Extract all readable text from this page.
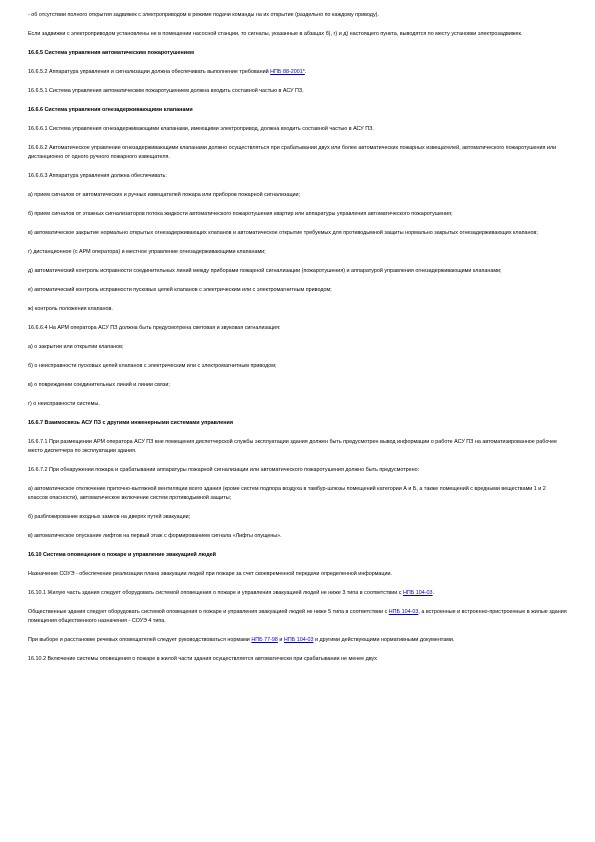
- об отсутствии полного открытия задвижек с электроприводом в режиме подачи команды на их открытие (раздельно по каждому приводу).

Если задвижки с электроприводом установлены не в помещении насосной станции, то сигналы, указанные в абзацах б), г) и д) настоящего пункта, выводятся по месту установки электрозадвижек.

16.6.5 Система управления автоматическим пожаротушением

16.6.5.2 Аппаратура управления и сигнализации должна обеспечивать выполнение требований НПБ 88-2001*.

16.6.5.1 Система управления автоматическим пожаротушением должна входить составной частью в АСУ ПЗ.

16.6.6 Система управления огнезадерживающими клапанами

16.6.6.1 Система управления огнезадерживающими клапанами, имеющими электропривод, должна входить составной частью в АСУ ПЗ.

16.6.6.2 Автоматическое управление огнезадерживающими клапанами должно осуществляться при срабатывании двух или более автоматических пожарных извещателей, автоматического пожаротушения или дистанционно от одного ручного пожарного извещателя.

16.6.6.3 Аппаратура управления должна обеспечивать:

а) прием сигналов от автоматических и ручных извещателей пожара или приборов пожарной сигнализации;

б) прием сигналов от этажных сигнализаторов потока жидкости автоматического пожаротушения квартир или аппаратуры управления автоматического пожаротушения;

в) автоматическое закрытие нормально открытых огнезадерживающих клапанов и автоматическое открытие требуемых для противодымной защиты нормально закрытых огнезадерживающих клапанов;

г) дистанционное (с АРМ оператора) и местное управление огнезадерживающими клапанами;

д) автоматический контроль исправности соединительных линий между приборами пожарной сигнализации (пожаротушения) и аппаратурой управления огнезадерживающими клапанами;

е) автоматический контроль исправности пусковых цепей клапанов с электрическим или с электромагнитным приводом;

ж) контроль положения клапанов.

16.6.6.4 На АРМ оператора АСУ ПЗ должна быть предусмотрена световая и звуковая сигнализация:

а) о закрытии или открытии клапанов;

б) о неисправности пусковых цепей клапанов с электрическим или с электромагнитным приводом;

в) о повреждении соединительных линий и линии связи;

г) о неисправности системы.

16.6.7 Взаимосвязь АСУ ПЗ с другими инженерными системами управления

16.6.7.1 При размещении АРМ оператора АСУ ПЗ вне помещения диспетчерской службы эксплуатации здания должен быть предусмотрен вывод информации о работе АСУ ПЗ на автоматизированное рабочее место диспетчера по эксплуатации здания.

16.6.7.2 При обнаружении пожара и срабатывании аппаратуры пожарной сигнализации или автоматического пожаротушения должно быть предусмотрено:

а) автоматическое отключение приточно-вытяжной вентиляции всего здания (кроме систем подпора воздуха в тамбур-шлюзы помещений категории А и Б, а также помещений с вредными веществами 1 и 2 классов опасности), автоматическое включение систем противодымной защиты;

б) разблокирование входных замков на дверях путей эвакуации;

в) автоматическое опускание лифтов на первый этаж с формированием сигнала «Лифты опущены».

16.10 Система оповещения о пожаре и управление эвакуацией людей

Назначение СОУЭ - обеспечение реализации плана эвакуации людей при пожаре за счет своевременной передачи определенной информации.

16.10.1 Жилую часть здания следует оборудовать системой оповещения о пожаре и управления эвакуацией людей не ниже 3 типа в соответствии с НПБ 104-03.

Общественные здания следует оборудовать системой оповещения о пожаре и управления эвакуацией людей не ниже 5 типа в соответствии с НПБ 104-03, а встроенные и встроенно-пристроенные в жилые здания помещения общественного назначения - СОУЭ 4 типа.

При выборе и расстановке речевых оповещателей следует руководствоваться нормами НПБ 77-98 и НПБ 104-03 и другими действующими нормативными документами.

16.10.2 Включение системы оповещения о пожаре в жилой части здания осуществляется автоматически при срабатывании не менее двух
